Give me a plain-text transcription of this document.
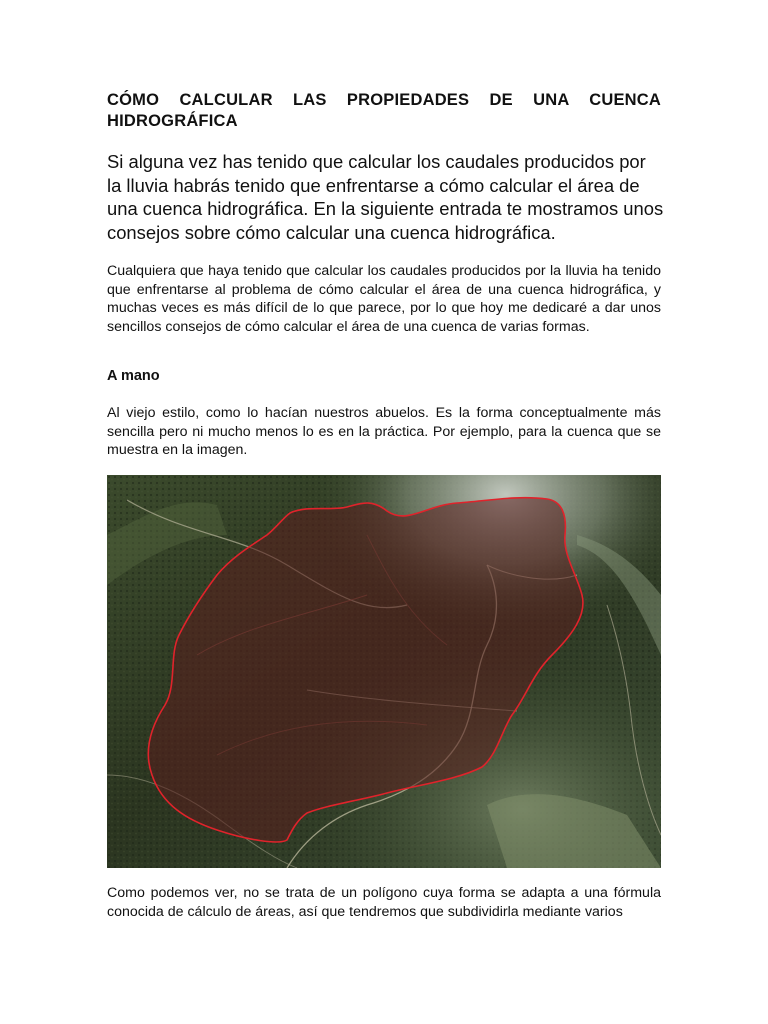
CÓMO CALCULAR LAS PROPIEDADES DE UNA CUENCA
HIDROGRÁFICA

Si alguna vez has tenido que calcular los caudales producidos por la lluvia habrás tenido que enfrentarse a cómo calcular el área de una cuenca hidrográfica. En la siguiente entrada te mostramos unos consejos sobre cómo calcular una cuenca hidrográfica.

Cualquiera que haya tenido que calcular los caudales producidos por la lluvia ha tenido que enfrentarse al problema de cómo calcular el área de una cuenca hidrográfica, y muchas veces es más difícil de lo que parece, por lo que hoy me dedicaré a dar unos sencillos consejos de cómo calcular el área de una cuenca de varias formas.

A mano

Al viejo estilo, como lo hacían nuestros abuelos. Es la forma conceptualmente más sencilla pero ni mucho menos lo es en la práctica. Por ejemplo, para la cuenca que se muestra en la imagen.

Como podemos ver, no se trata de un polígono cuya forma se adapta a una fórmula conocida de cálculo de áreas, así que tendremos que subdividirla mediante varios
